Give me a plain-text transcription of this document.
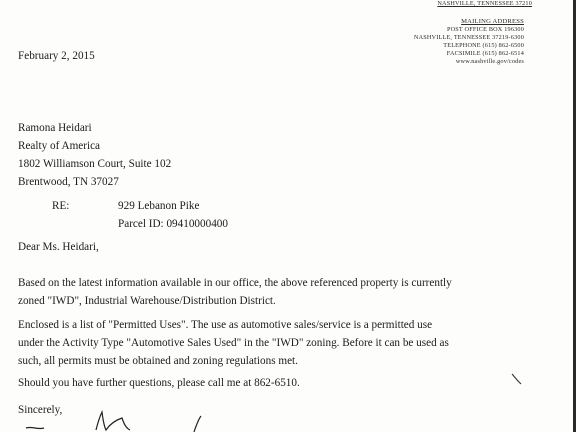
NASHVILLE, TENNESSEE 37210
MAILING ADDRESS
POST OFFICE BOX 196300
NASHVILLE, TENNESSEE 37219-6300
TELEPHONE (615) 862-6500
FACSIMILE (615) 862-6514
www.nashville.gov/codes
February 2, 2015
Ramona Heidari
Realty of America
1802 Williamson Court, Suite 102
Brentwood, TN 37027
RE:	929 Lebanon Pike
Parcel ID: 09410000400
Dear Ms. Heidari,
Based on the latest information available in our office, the above referenced property is currently
zoned "IWD", Industrial Warehouse/Distribution District.
Enclosed is a list of "Permitted Uses". The use as automotive sales/service is a permitted use
under the Activity Type "Automotive Sales Used" in the "IWD" zoning. Before it can be used as
such, all permits must be obtained and zoning regulations met.
Should you have further questions, please call me at 862-6510.
Sincerely,
